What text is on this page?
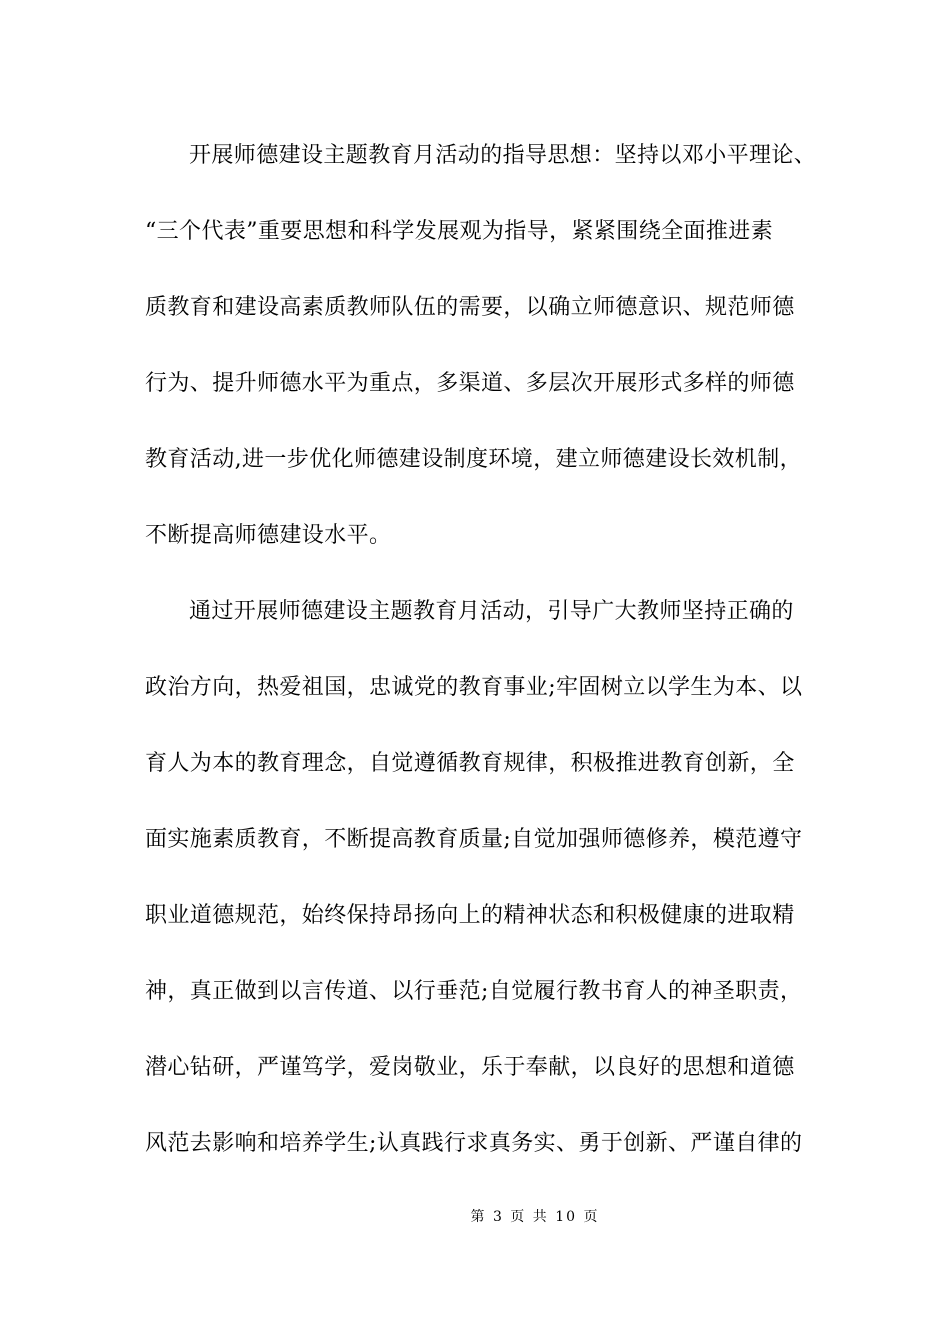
开展师德建设主题教育月活动的指导思想：坚持以邓小平理论、
“三个代表”重要思想和科学发展观为指导，紧紧围绕全面推进素
质教育和建设高素质教师队伍的需要，以确立师德意识、规范师德
行为、提升师德水平为重点，多渠道、多层次开展形式多样的师德
教育活动,进一步优化师德建设制度环境，建立师德建设长效机制，
不断提高师德建设水平。
通过开展师德建设主题教育月活动，引导广大教师坚持正确的
政治方向，热爱祖国，忠诚党的教育事业;牢固树立以学生为本、以
育人为本的教育理念，自觉遵循教育规律，积极推进教育创新，全
面实施素质教育，不断提高教育质量;自觉加强师德修养，模范遵守
职业道德规范，始终保持昂扬向上的精神状态和积极健康的进取精
神，真正做到以言传道、以行垂范;自觉履行教书育人的神圣职责，
潜心钻研，严谨笃学，爱岗敬业，乐于奉献，以良好的思想和道德
风范去影响和培养学生;认真践行求真务实、勇于创新、严谨自律的
第 3 页 共 10 页
